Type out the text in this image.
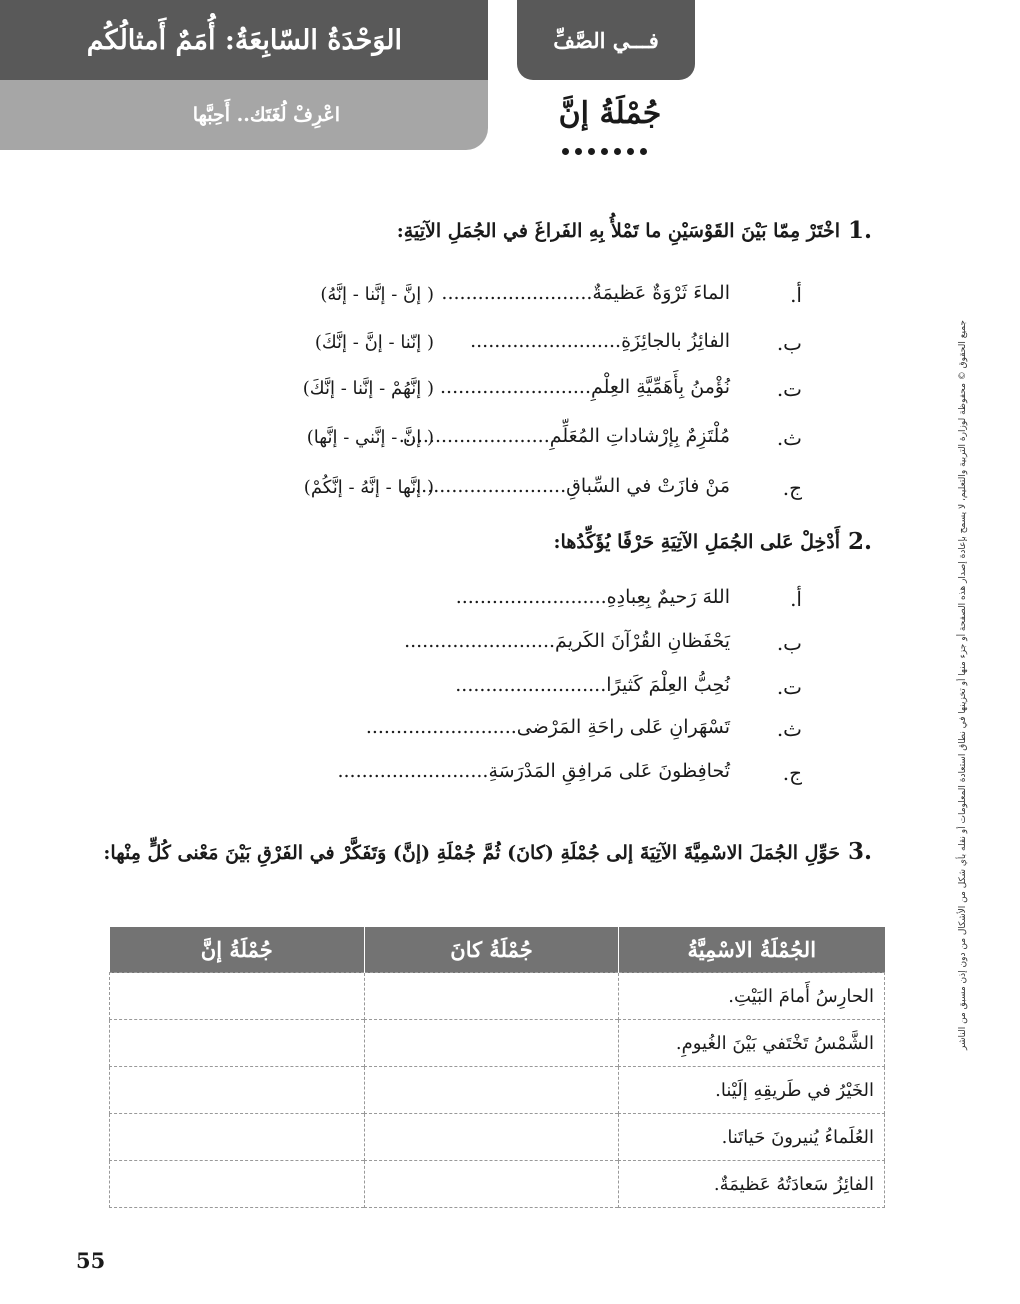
الوَحْدَةُ السّابِعَةُ: أُمَمٌ أَمثالُكُم
اعْرِفْ لُغَتَك.. أَحِبَّها
فـــي الصَّفِّ
جُمْلَةُ إنَّ
جميع الحقوق © محفوظة لوزارة التربية والتعليم، لا يسمح بإعادة إصدار هذه الصفحة أو جزء منها أو تخزينها في نطاق استعادة المعلومات أو نقله بأي شكل من الأشكال من دون إذن مسبق من الناشر
1.
اخْتَرْ مِمّا بَيْنَ القَوْسَيْنِ ما تَمْلأُ بِهِ الفَراغَ في الجُمَلِ الآتِيَةِ:
أ.
الماءَ ثَرْوَةٌ عَظيمَةٌ.........................
( إنَّ - إنَّنا - إنَّهُ)
ب.
الفائِزُ بالجائِزَةِ.........................
( إنّنا - إنَّ - إنَّكَ)
ت.
نُؤْمنُ بِأَهَمِّيَّةِ العِلْمِ.........................
( إنَّهُمْ - إنَّنا - إنَّكَ)
ث.
مُلْتَزِمٌ بِإرْشاداتِ المُعَلِّمِ.........................
( إنَّ - إنَّني - إنَّها)
ج.
مَنْ فازَتْ في السِّباقِ.........................
( إنَّها - إنَّهُ - إنَّكُمْ)
2.
أَدْخِلْ عَلى الجُمَلِ الآتِيَةِ حَرْفًا يُؤَكِّدُها:
أ.
اللهَ رَحيمٌ بِعِبادِهِ.........................
ب.
يَحْفَظانِ القُرْآنَ الكَريمَ.........................
ت.
نُحِبُّ العِلْمَ كَثيرًا.........................
ث.
تَسْهَرانِ عَلى راحَةِ المَرْضى.........................
ج.
تُحافِظونَ عَلى مَرافِقِ المَدْرَسَةِ.........................
3.
حَوِّلِ الجُمَلَ الاسْمِيَّةَ الآتِيَةَ إلى جُمْلَةِ (كانَ) ثُمَّ جُمْلَةِ (إنَّ) وَتَفَكَّرْ في الفَرْقِ بَيْنَ مَعْنى كُلٍّ مِنْها:
الجُمْلَةُ الاسْمِيَّةُ	جُمْلَةُ كانَ	جُمْلَةُ إنَّ
الحارِسُ أَمامَ البَيْتِ.		
الشَّمْسُ تَخْتَفي بَيْنَ الغُيومِ.		
الخَيْرُ في طَريقِهِ إلَيْنا.		
العُلَماءُ يُنيرونَ حَياتَنا.		
الفائِزُ سَعادَتُهُ عَظيمَةٌ.		
55
